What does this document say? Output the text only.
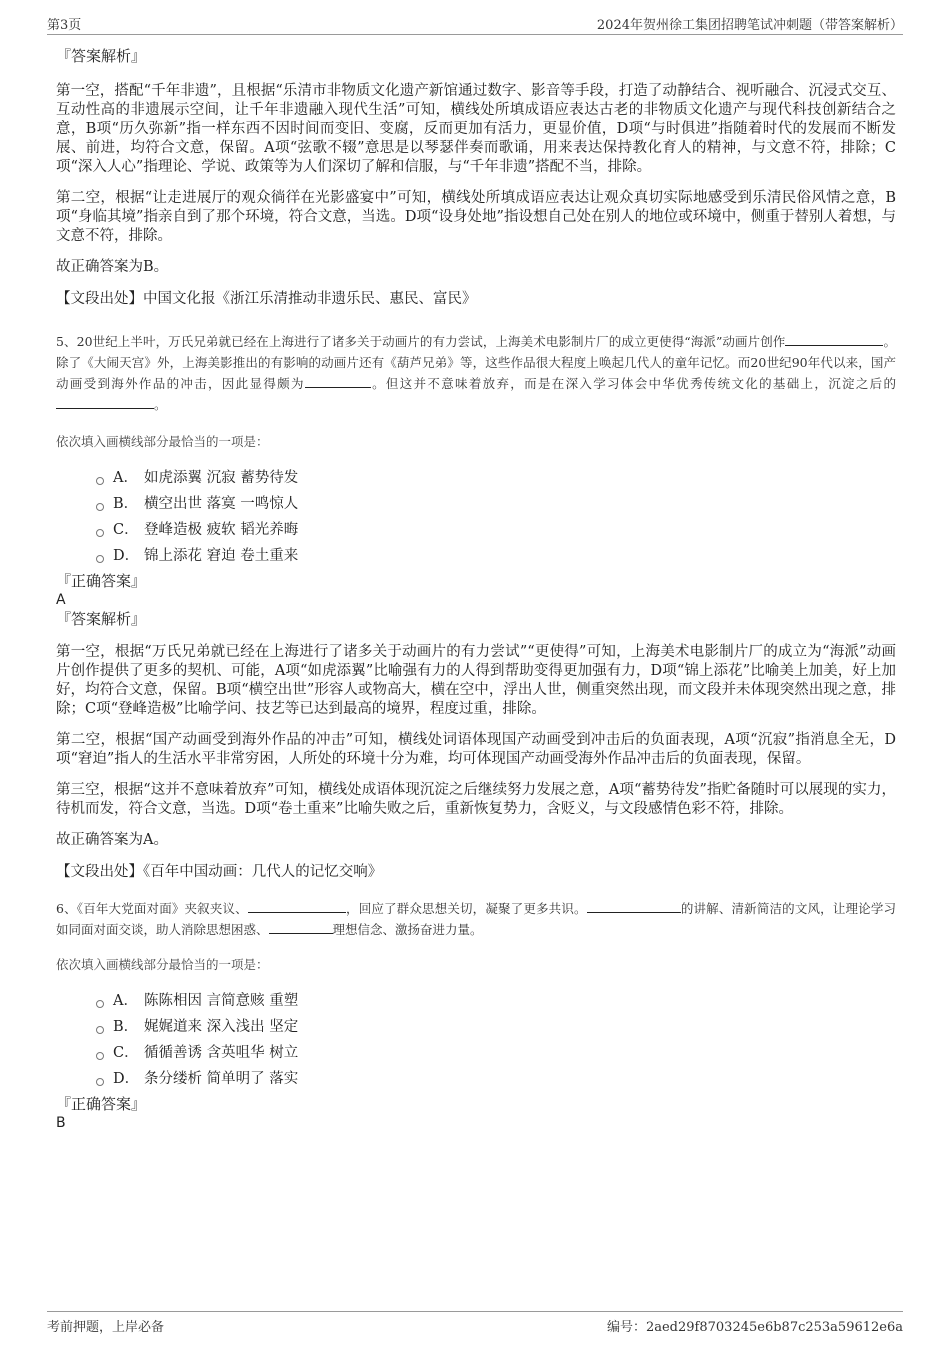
第3页	2024年贺州徐工集团招聘笔试冲刺题（带答案解析）
『答案解析』

第一空，搭配“千年非遗”，且根据“乐清市非物质文化遗产新馆通过数字、影音等手段，打造了动静结合、视听融合、沉浸式交互、互动性高的非遗展示空间，让千年非遗融入现代生活”可知，横线处所填成语应表达古老的非物质文化遗产与现代科技创新结合之意，B项“历久弥新”指一样东西不因时间而变旧、变腐，反而更加有活力，更显价值，D项“与时俱进”指随着时代的发展而不断发展、前进，均符合文意，保留。A项“弦歌不辍”意思是以琴瑟伴奏而歌诵，用来表达保持教化育人的精神，与文意不符，排除；C项“深入人心”指理论、学说、政策等为人们深切了解和信服，与“千年非遗”搭配不当，排除。

第二空，根据“让走进展厅的观众徜徉在光影盛宴中”可知，横线处所填成语应表达让观众真切实际地感受到乐清民俗风情之意，B项“身临其境”指亲自到了那个环境，符合文意，当选。D项“设身处地”指设想自己处在别人的地位或环境中，侧重于替别人着想，与文意不符，排除。

故正确答案为B。

【文段出处】中国文化报《浙江乐清推动非遗乐民、惠民、富民》

5、20世纪上半叶，万氏兄弟就已经在上海进行了诸多关于动画片的有力尝试，上海美术电影制片厂的成立更使得“海派”动画片创作	。除了《大闹天宫》外，上海美影推出的有影响的动画片还有《葫芦兄弟》等，这些作品很大程度上唤起几代人的童年记忆。而20世纪90年代以来，国产动画受到海外作品的冲击，因此显得颇为	。但这并不意味着放弃，而是在深入学习体会中华优秀传统文化的基础上，沉淀之后的。

依次填入画横线部分最恰当的一项是：
A． 如虎添翼 沉寂 蓄势待发
B． 横空出世 落寞 一鸣惊人
C． 登峰造极 疲软 韬光养晦
D． 锦上添花 窘迫 卷土重来
『正确答案』
A
『答案解析』

第一空，根据“万氏兄弟就已经在上海进行了诸多关于动画片的有力尝试”“更使得”可知，上海美术电影制片厂的成立为“海派”动画片创作提供了更多的契机、可能，A项“如虎添翼”比喻强有力的人得到帮助变得更加强有力，D项“锦上添花”比喻美上加美，好上加好，均符合文意，保留。B项“横空出世”形容人或物高大，横在空中，浮出人世，侧重突然出现，而文段并未体现突然出现之意，排除；C项“登峰造极”比喻学问、技艺等已达到最高的境界，程度过重，排除。

第二空，根据“国产动画受到海外作品的冲击”可知，横线处词语体现国产动画受到冲击后的负面表现，A项“沉寂”指消息全无，D项“窘迫”指人的生活水平非常穷困，人所处的环境十分为难，均可体现国产动画受海外作品冲击后的负面表现，保留。

第三空，根据“这并不意味着放弃”可知，横线处成语体现沉淀之后继续努力发展之意，A项“蓄势待发”指贮备随时可以展现的实力，待机而发，符合文意，当选。D项“卷土重来”比喻失败之后，重新恢复势力，含贬义，与文段感情色彩不符，排除。

故正确答案为A。

【文段出处】《百年中国动画：几代人的记忆交响》

6、《百年大党面对面》夹叙夹议、	，回应了群众思想关切，凝聚了更多共识。	的讲解、清新简洁的文风，让理论学习如同面对面交谈，助人消除思想困惑、	理想信念、激扬奋进力量。

依次填入画横线部分最恰当的一项是：
A． 陈陈相因 言简意赅 重塑
B． 娓娓道来 深入浅出 坚定
C． 循循善诱 含英咀华 树立
D． 条分缕析 简单明了 落实
『正确答案』
B
考前押题，上岸必备	编号：2aed29f8703245e6b87c253a59612e6a
